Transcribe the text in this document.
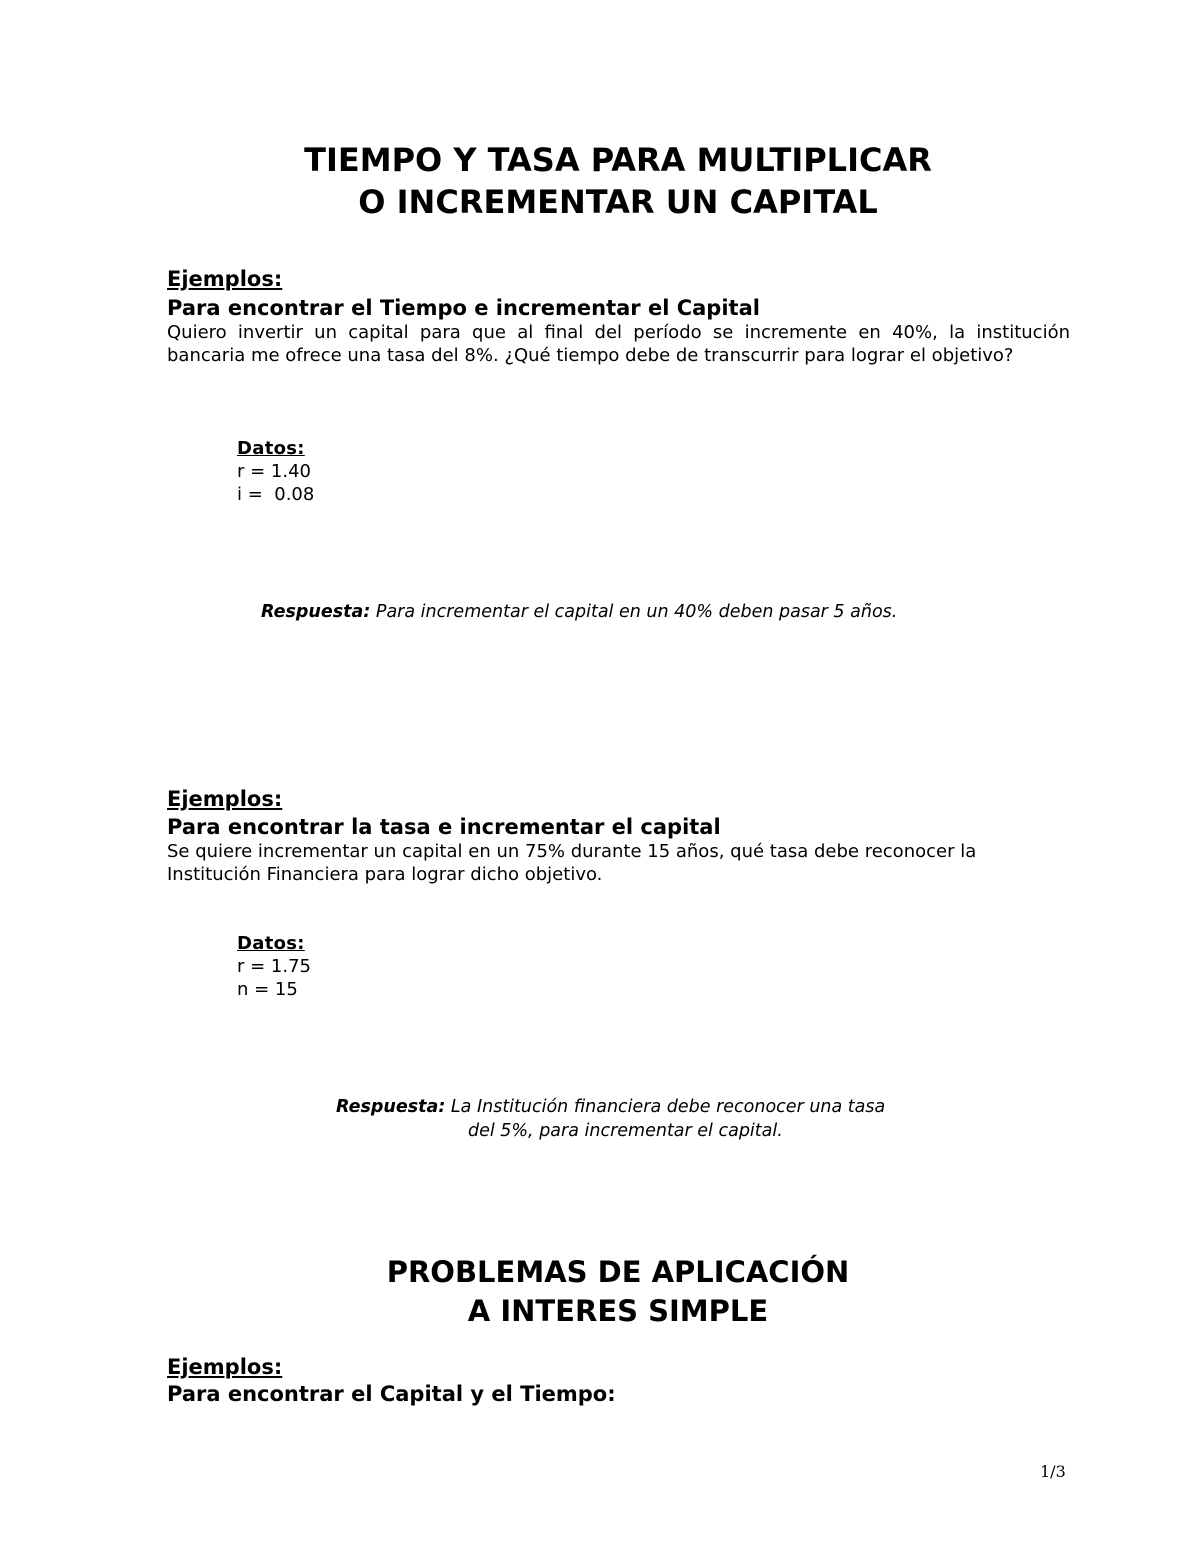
TIEMPO Y TASA PARA MULTIPLICAR
O INCREMENTAR UN CAPITAL
Ejemplos:
Para encontrar el Tiempo e incrementar el Capital
Quiero invertir un capital para que al final del período se incremente en 40%, la institución bancaria me ofrece una tasa del 8%. ¿Qué tiempo debe de transcurrir para lograr el objetivo?
Datos:
r = 1.40
i =  0.08
Respuesta: Para incrementar el capital en un 40% deben pasar 5 años.
Ejemplos:
Para encontrar la tasa e incrementar el capital
Se quiere incrementar un capital en un 75% durante 15 años, qué tasa debe reconocer la Institución Financiera para lograr dicho objetivo.
Datos:
r = 1.75
n = 15
Respuesta: La Institución financiera debe reconocer una tasa
del 5%, para incrementar el capital.
PROBLEMAS DE APLICACIÓN
A INTERES SIMPLE
Ejemplos:
Para encontrar el Capital y el Tiempo:
1/3
